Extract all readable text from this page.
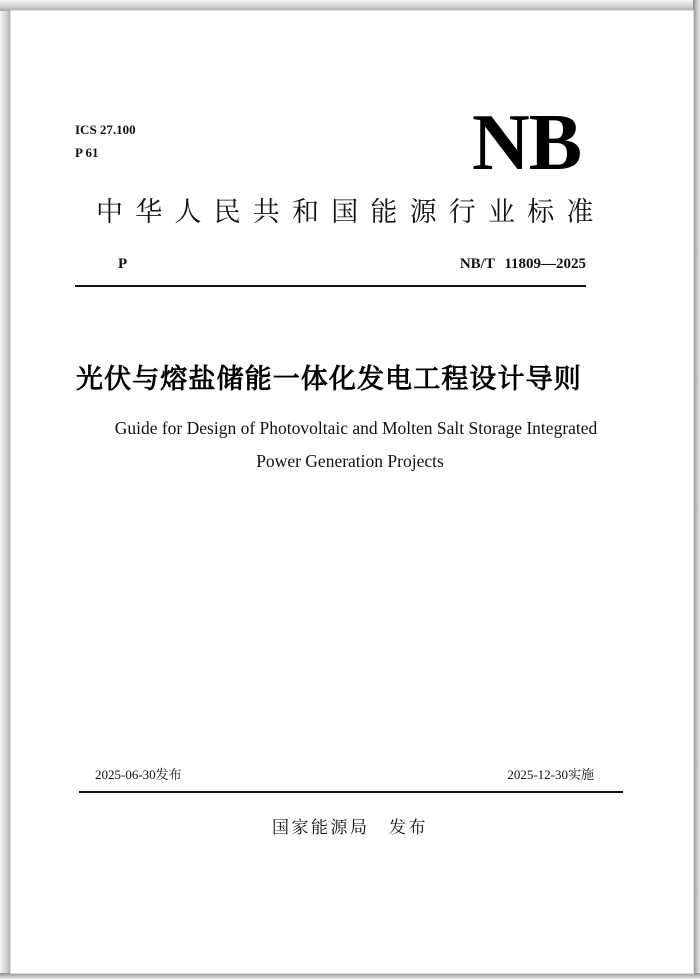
ICS 27.100
P 61	NB
中华人民共和国能源行业标准
P	NB/T 11809—2025
光伏与熔盐储能一体化发电工程设计导则
Guide for Design of Photovoltaic and Molten Salt Storage Integrated
Power Generation Projects
2025-06-30发布	2025-12-30实施
国家能源局　发布
